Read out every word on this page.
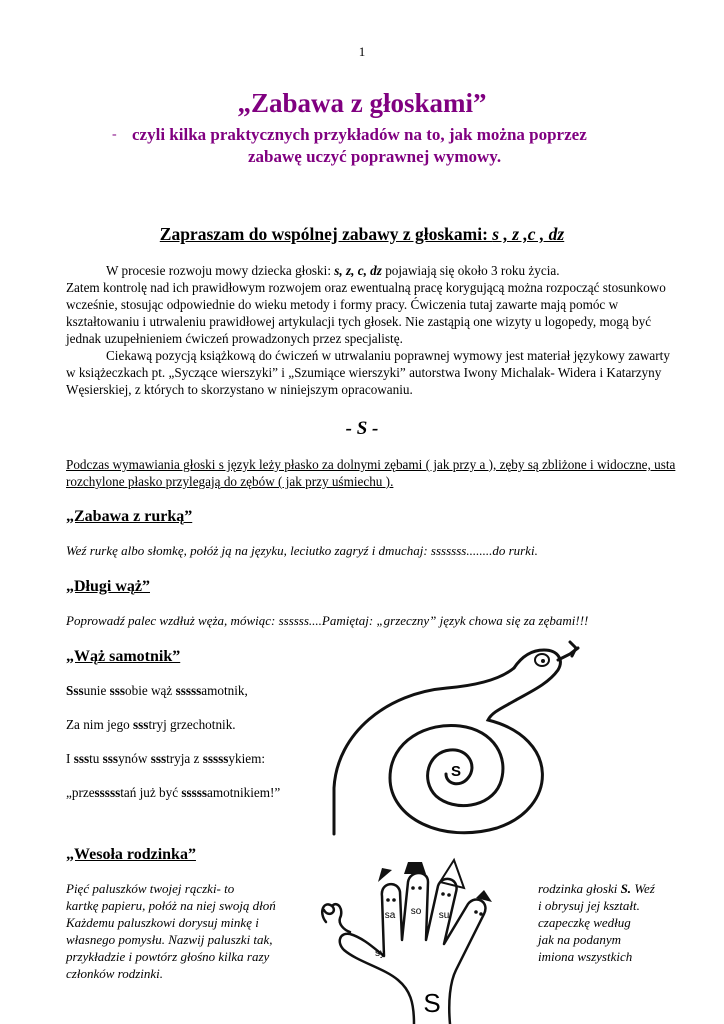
1
„Zabawa z głoskami”
- czyli kilka praktycznych przykładów na to, jak można poprzez
zabawę uczyć poprawnej wymowy.
Zapraszam do wspólnej zabawy z głoskami: s , z ,c , dz

W procesie rozwoju mowy dziecka głoski: s, z, c, dz pojawiają się około 3 roku życia.

Zatem kontrolę nad ich prawidłowym rozwojem oraz ewentualną pracę korygującą można rozpocząć stosunkowo wcześnie, stosując odpowiednie do wieku metody i formy pracy. Ćwiczenia tutaj zawarte mają pomóc w kształtowaniu i utrwaleniu prawidłowej artykulacji tych głosek. Nie zastąpią one wizyty u logopedy, mogą być jednak uzupełnieniem ćwiczeń prowadzonych przez specjalistę.

Ciekawą pozycją książkową do ćwiczeń w utrwalaniu poprawnej wymowy jest materiał językowy zawarty w książeczkach pt. „Syczące wierszyki” i „Szumiące wierszyki” autorstwa Iwony Michalak- Widera i Katarzyny Węsierskiej, z których to skorzystano w niniejszym opracowaniu.

- S -
Podczas wymawiania głoski s język leży płasko za dolnymi zębami ( jak przy a ), zęby są zbliżone i widoczne, usta rozchylone płasko przylegają do zębów ( jak przy uśmiechu ).
„Zabawa z rurką”
Weź rurkę albo słomkę, połóż ją na języku, leciutko zagryź i dmuchaj: sssssss........do rurki.
„Długi wąż”
Poprowadź palec wzdłuż węża, mówiąc: ssssss....Pamiętaj: „grzeczny” język chowa się za zębami!!!
„Wąż samotnik”
Sssunie sssobie wąż sssssamotnik,
Za nim jego ssstryj grzechotnik.
I ssstu sssynów ssstryja z sssssykiem:
„przessssstań już być sssssamotnikiem!”
S
„Wesoła rodzinka”
Pięć paluszków twojej rączki- to
kartkę papieru, połóż na niej swoją dłoń
Każdemu paluszkowi dorysuj minkę i
własnego pomysłu. Nazwij paluszki tak,
przykładzie i powtórz głośno kilka razy
członków rodzinki.
rodzinka głoski S. Weź
i obrysuj jej kształt.
czapeczkę według
jak na podanym
imiona wszystkich
sa so su
sy
S
